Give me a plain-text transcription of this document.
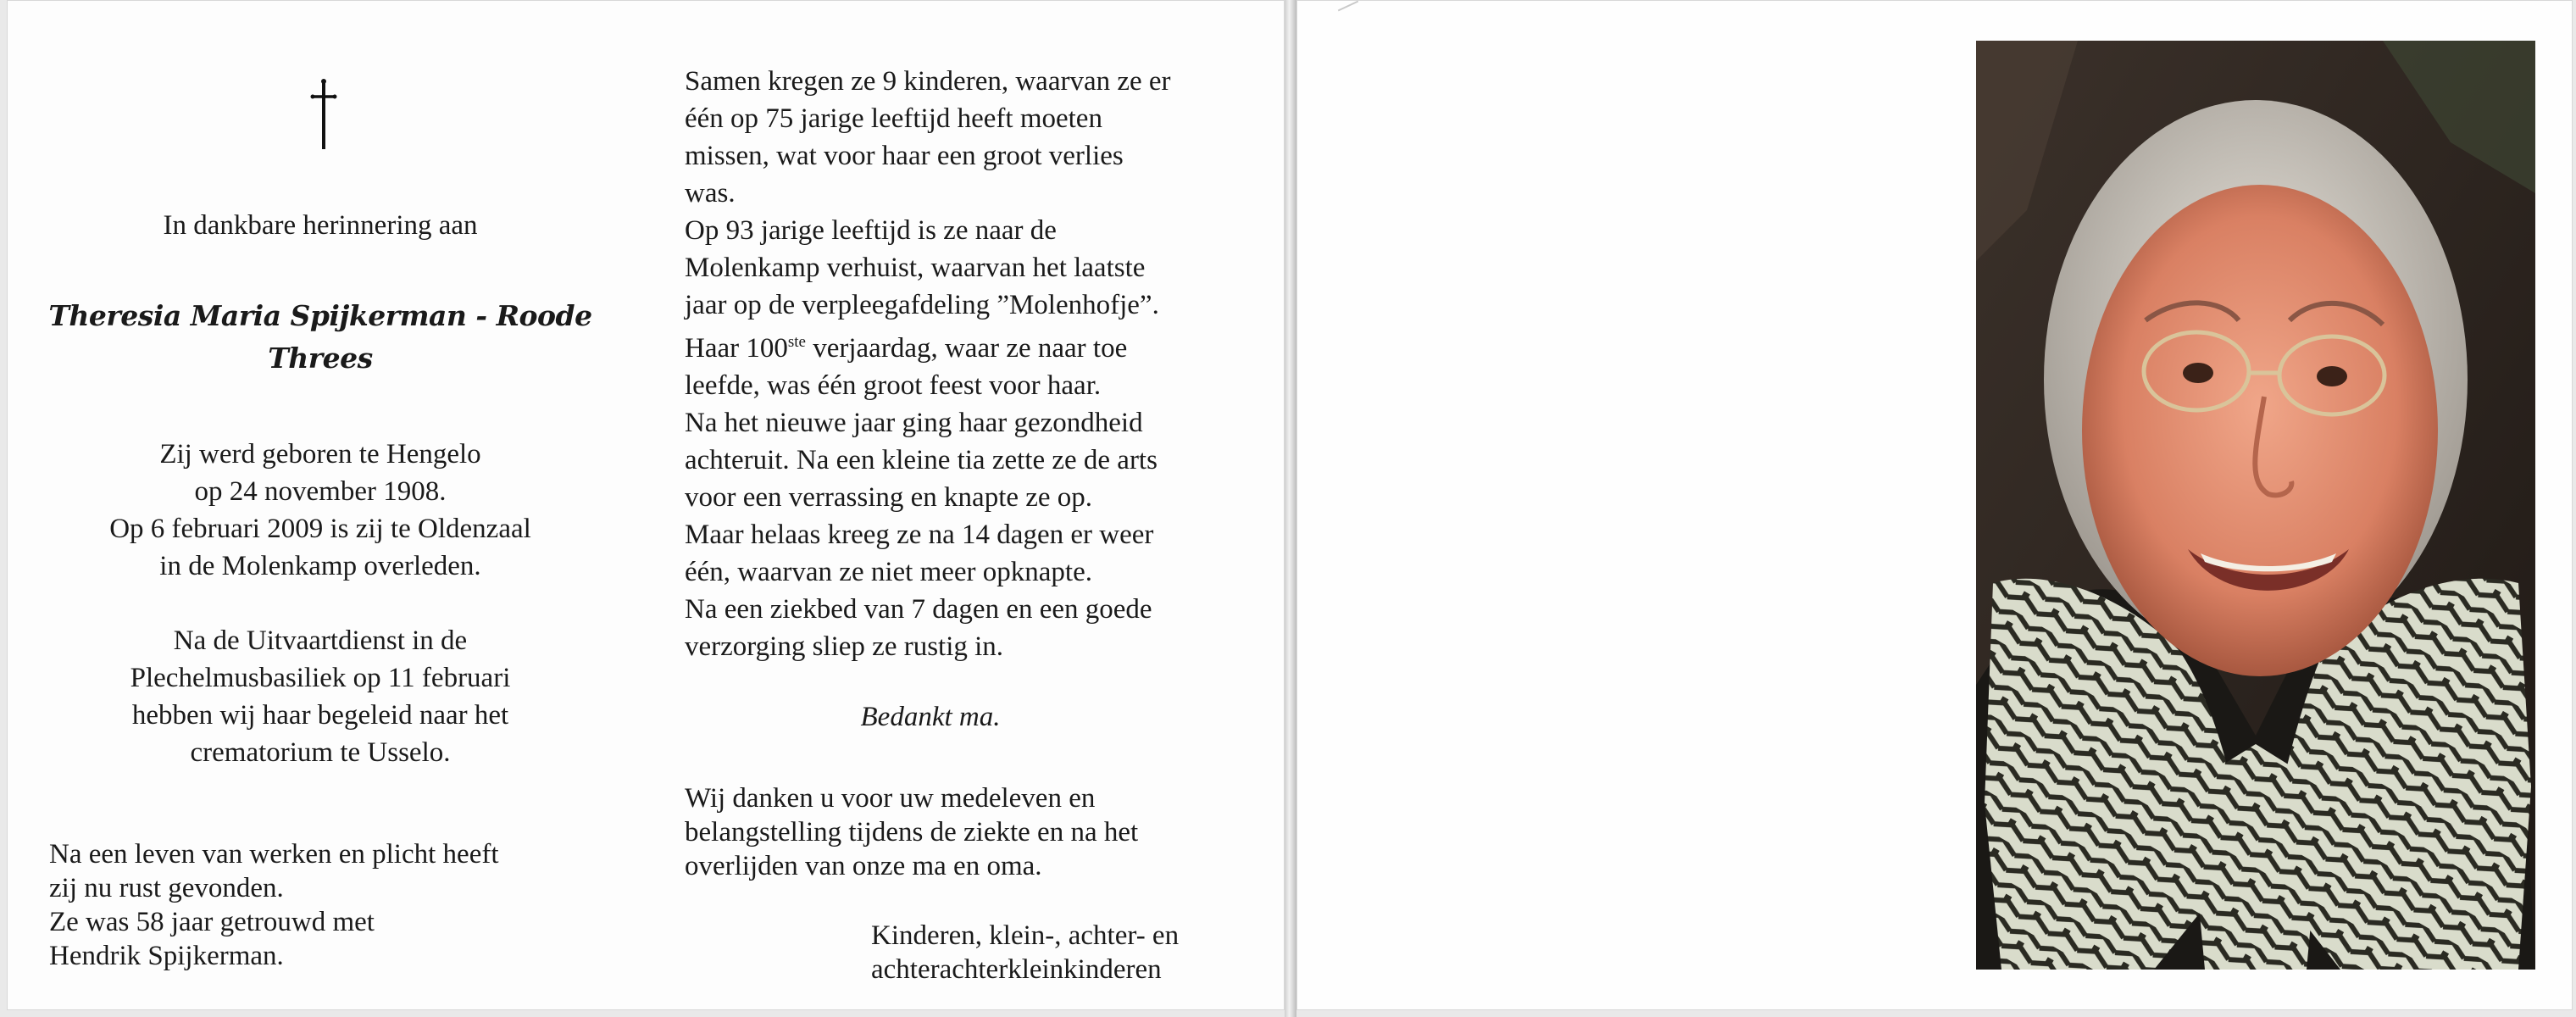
In dankbare herinnering aan

Theresia Maria Spijkerman - Roode

Threes

Zij werd geboren te Hengelo

op 24 november 1908.

Op 6 februari 2009 is zij te Oldenzaal

in de Molenkamp overleden.

Na de Uitvaartdienst in de

Plechelmusbasiliek op 11 februari

hebben wij haar begeleid naar het

crematorium te Usselo.

Na een leven van werken en plicht heeft

zij nu rust gevonden.

Ze was 58 jaar getrouwd met

Hendrik Spijkerman.

Samen kregen ze 9 kinderen, waarvan ze er

één op 75 jarige leeftijd heeft moeten

missen, wat voor haar een groot verlies

was.

Op 93 jarige leeftijd is ze naar de

Molenkamp verhuist, waarvan het laatste

jaar op de verpleegafdeling ”Molenhofje”.

Haar 100ste verjaardag, waar ze naar toe

leefde, was één groot feest voor haar.

Na het nieuwe jaar ging haar gezondheid

achteruit. Na een kleine tia zette ze de arts

voor een verrassing en knapte ze op.

Maar helaas kreeg ze na 14 dagen er weer

één, waarvan ze niet meer opknapte.

Na een ziekbed van 7 dagen en een goede

verzorging sliep ze rustig in.

Bedankt ma.

Wij danken u voor uw medeleven en

belangstelling tijdens de ziekte en na het

overlijden van onze ma en oma.

Kinderen, klein-, achter- en

achterachterkleinkinderen
